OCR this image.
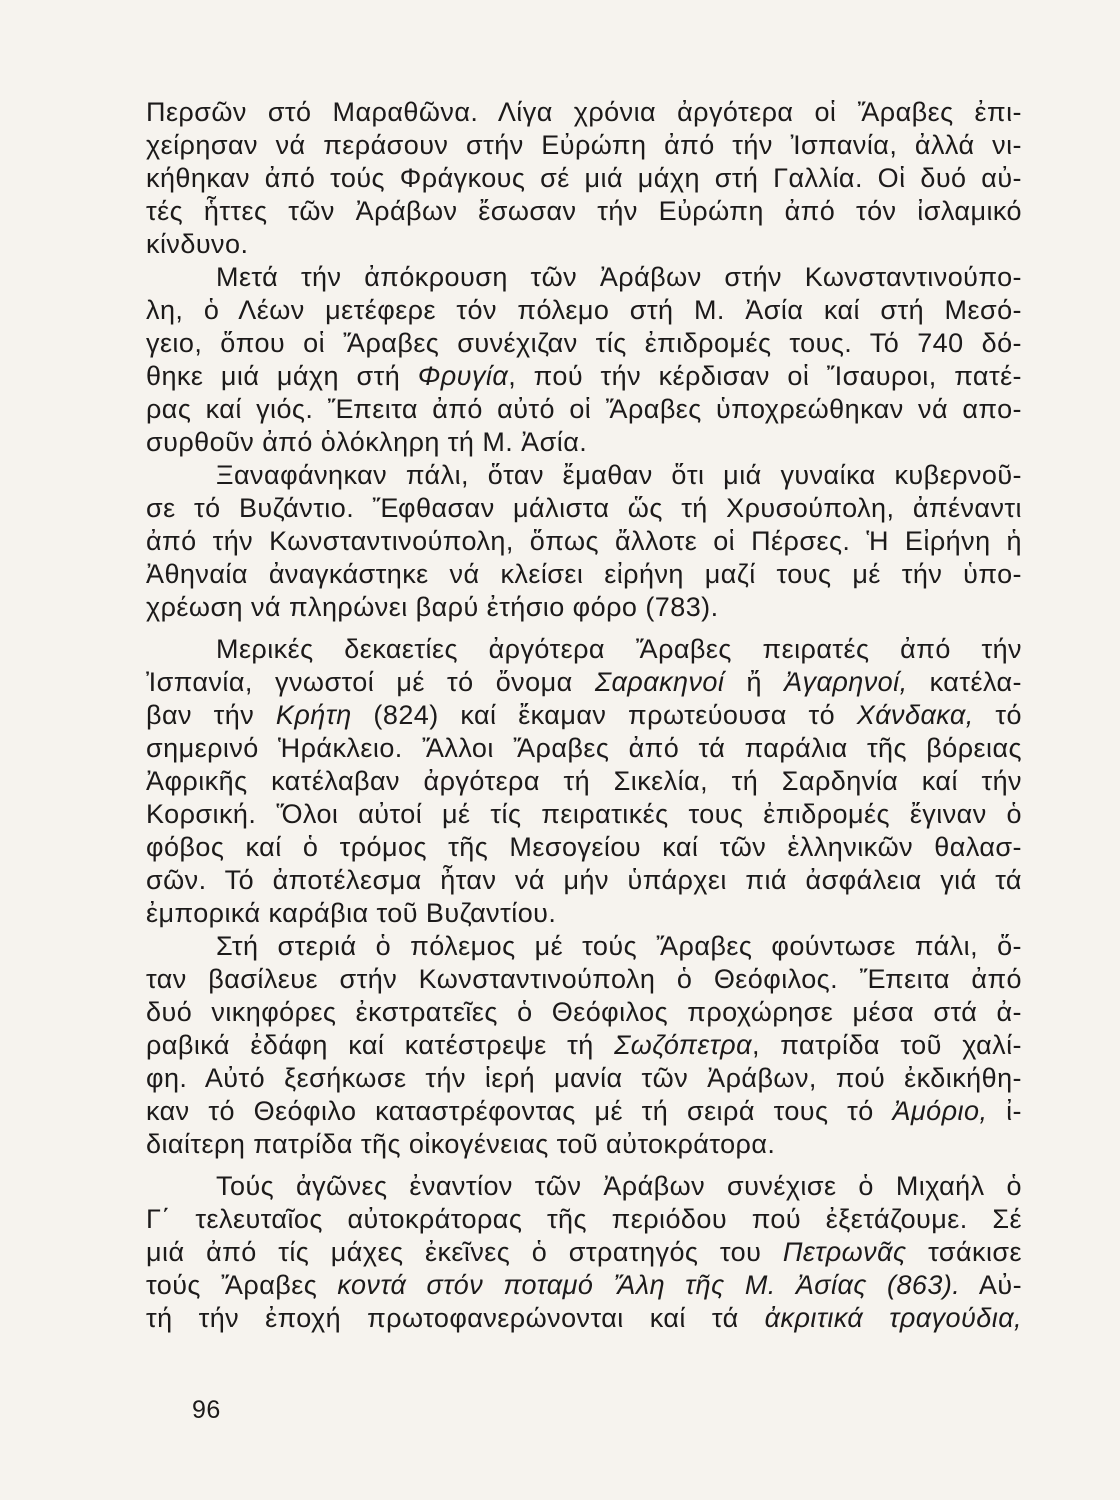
Περσῶν στό Μαραθῶνα. Λίγα χρόνια ἀργότερα οἱ Ἄραβες ἐπι-
χείρησαν νά περάσουν στήν Εὐρώπη ἀπό τήν Ἰσπανία, ἀλλά νι-
κήθηκαν ἀπό τούς Φράγκους σέ μιά μάχη στή Γαλλία. Οἱ δυό αὐ-
τές ἧττες τῶν Ἀράβων ἔσωσαν τήν Εὐρώπη ἀπό τόν ἰσλαμικό
κίνδυνο.
Μετά τήν ἀπόκρουση τῶν Ἀράβων στήν Κωνσταντινούπο-
λη, ὁ Λέων μετέφερε τόν πόλεμο στή Μ. Ἀσία καί στή Μεσό-
γειο, ὅπου οἱ Ἄραβες συνέχιζαν τίς ἐπιδρομές τους. Τό 740 δό-
θηκε μιά μάχη στή Φρυγία, πού τήν κέρδισαν οἱ Ἴσαυροι, πατέ-
ρας καί γιός. Ἔπειτα ἀπό αὐτό οἱ Ἄραβες ὑποχρεώθηκαν νά απο-
συρθοῦν ἀπό ὁλόκληρη τή Μ. Ἀσία.
Ξαναφάνηκαν πάλι, ὅταν ἔμαθαν ὅτι μιά γυναίκα κυβερνοῦ-
σε τό Βυζάντιο. Ἔφθασαν μάλιστα ὥς τή Χρυσούπολη, ἀπέναντι
ἀπό τήν Κωνσταντινούπολη, ὅπως ἄλλοτε οἱ Πέρσες. Ἡ Εἰρήνη ἡ
Ἀθηναία ἀναγκάστηκε νά κλείσει εἰρήνη μαζί τους μέ τήν ὑπο-
χρέωση νά πληρώνει βαρύ ἐτήσιο φόρο (783).
Μερικές δεκαετίες ἀργότερα Ἄραβες πειρατές ἀπό τήν
Ἰσπανία, γνωστοί μέ τό ὄνομα Σαρακηνοί ἤ Ἀγαρηνοί, κατέλα-
βαν τήν Κρήτη (824) καί ἔκαμαν πρωτεύουσα τό Χάνδακα, τό
σημερινό Ἡράκλειο. Ἄλλοι Ἄραβες ἀπό τά παράλια τῆς βόρειας
Ἀφρικῆς κατέλαβαν ἀργότερα τή Σικελία, τή Σαρδηνία καί τήν
Κορσική. Ὅλοι αὐτοί μέ τίς πειρατικές τους ἐπιδρομές ἔγιναν ὁ
φόβος καί ὁ τρόμος τῆς Μεσογείου καί τῶν ἑλληνικῶν θαλασ-
σῶν. Τό ἀποτέλεσμα ἦταν νά μήν ὑπάρχει πιά ἀσφάλεια γιά τά
ἐμπορικά καράβια τοῦ Βυζαντίου.
Στή στεριά ὁ πόλεμος μέ τούς Ἄραβες φούντωσε πάλι, ὅ-
ταν βασίλευε στήν Κωνσταντινούπολη ὁ Θεόφιλος. Ἔπειτα ἀπό
δυό νικηφόρες ἐκστρατεῖες ὁ Θεόφιλος προχώρησε μέσα στά ἀ-
ραβικά ἐδάφη καί κατέστρεψε τή Σωζόπετρα, πατρίδα τοῦ χαλί-
φη. Αὐτό ξεσήκωσε τήν ἱερή μανία τῶν Ἀράβων, πού ἐκδικήθη-
καν τό Θεόφιλο καταστρέφοντας μέ τή σειρά τους τό Ἀμόριο, ἰ-
διαίτερη πατρίδα τῆς οἰκογένειας τοῦ αὐτοκράτορα.
Τούς ἀγῶνες ἐναντίον τῶν Ἀράβων συνέχισε ὁ Μιχαήλ ὁ
Γ΄ τελευταῖος αὐτοκράτορας τῆς περιόδου πού ἐξετάζουμε. Σέ
μιά ἀπό τίς μάχες ἐκεῖνες ὁ στρατηγός του Πετρωνᾶς τσάκισε
τούς Ἄραβες κοντά στόν ποταμό Ἄλη τῆς Μ. Ἀσίας (863). Αὐ-
τή τήν ἐποχή πρωτοφανερώνονται καί τά ἀκριτικά τραγούδια,
96
